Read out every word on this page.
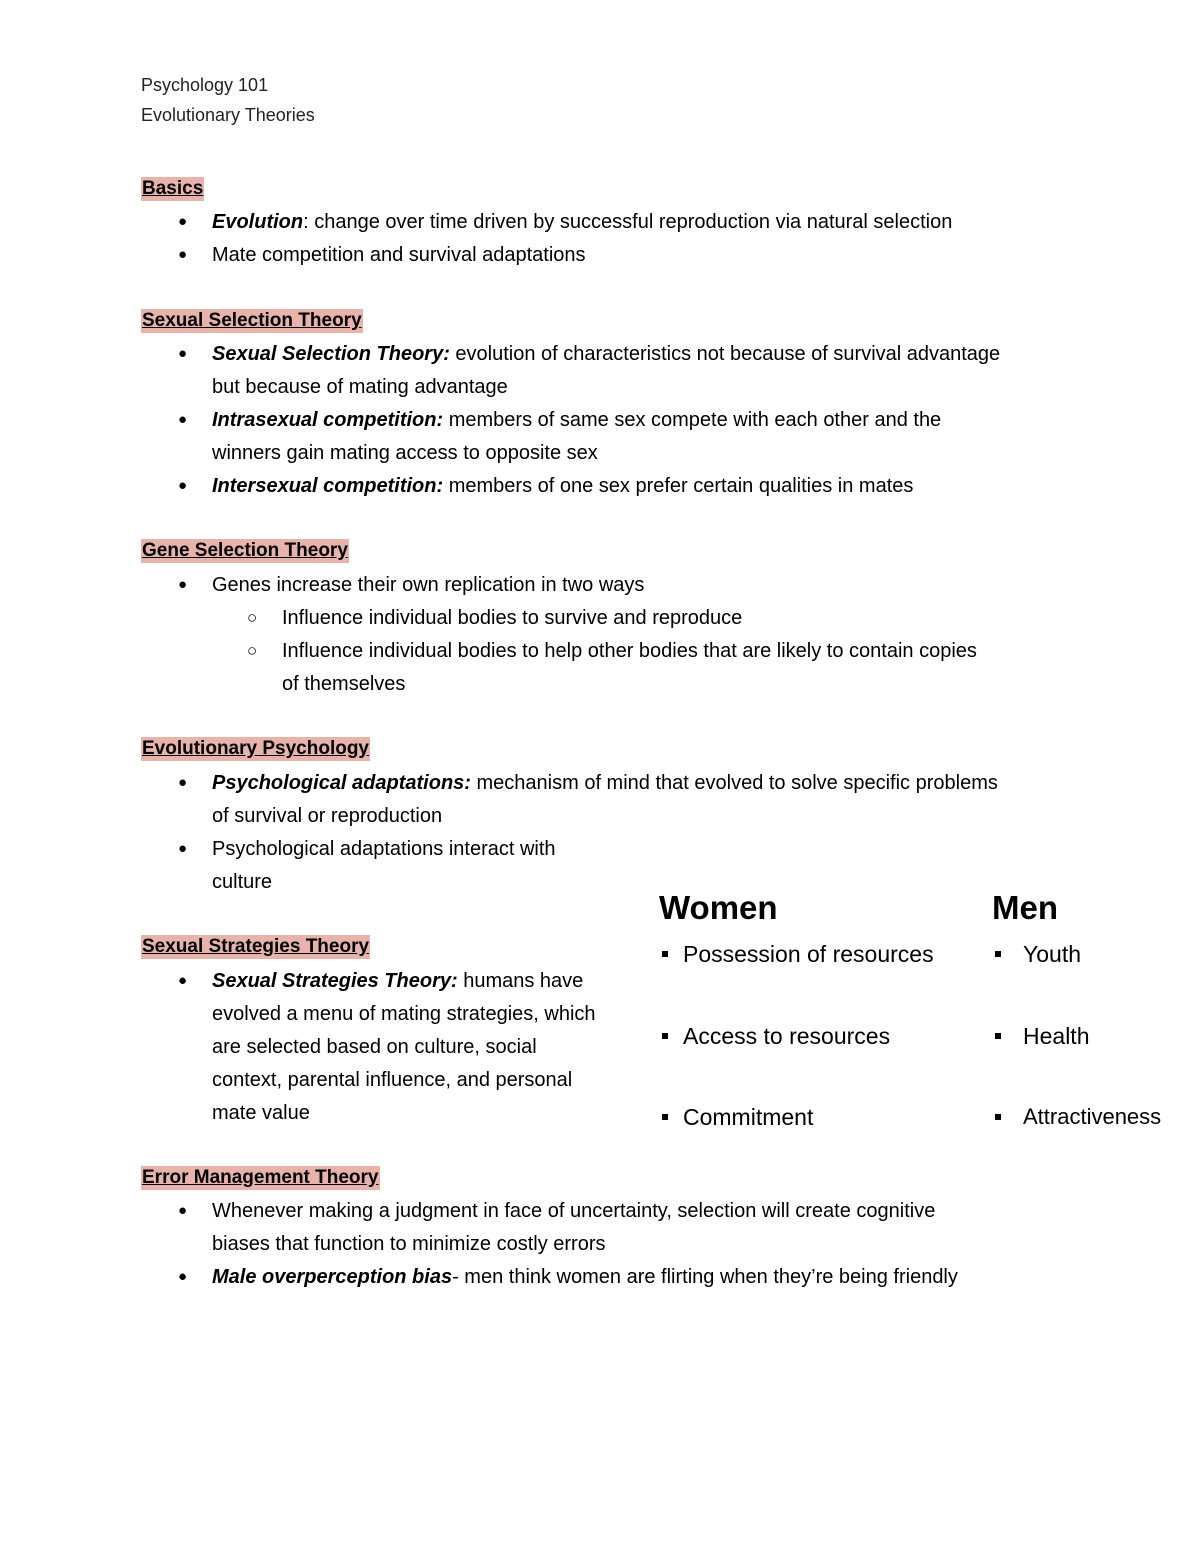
Psychology 101
Evolutionary Theories
Basics
● Evolution: change over time driven by successful reproduction via natural selection
● Mate competition and survival adaptations
Sexual Selection Theory
● Sexual Selection Theory: evolution of characteristics not because of survival advantage
but because of mating advantage
● Intrasexual competition: members of same sex compete with each other and the
winners gain mating access to opposite sex
● Intersexual competition: members of one sex prefer certain qualities in mates
Gene Selection Theory
● Genes increase their own replication in two ways
○ Influence individual bodies to survive and reproduce
○ Influence individual bodies to help other bodies that are likely to contain copies
of themselves
Evolutionary Psychology
● Psychological adaptations: mechanism of mind that evolved to solve specific problems
of survival or reproduction
● Psychological adaptations interact with
culture
Sexual Strategies Theory
● Sexual Strategies Theory: humans have
evolved a menu of mating strategies, which
are selected based on culture, social
context, parental influence, and personal
mate value
Women	Men
Possession of resources
Access to resources
Commitment
Youth
Health
Attractiveness
Error Management Theory
● Whenever making a judgment in face of uncertainty, selection will create cognitive
biases that function to minimize costly errors
● Male overperception bias- men think women are flirting when they’re being friendly
